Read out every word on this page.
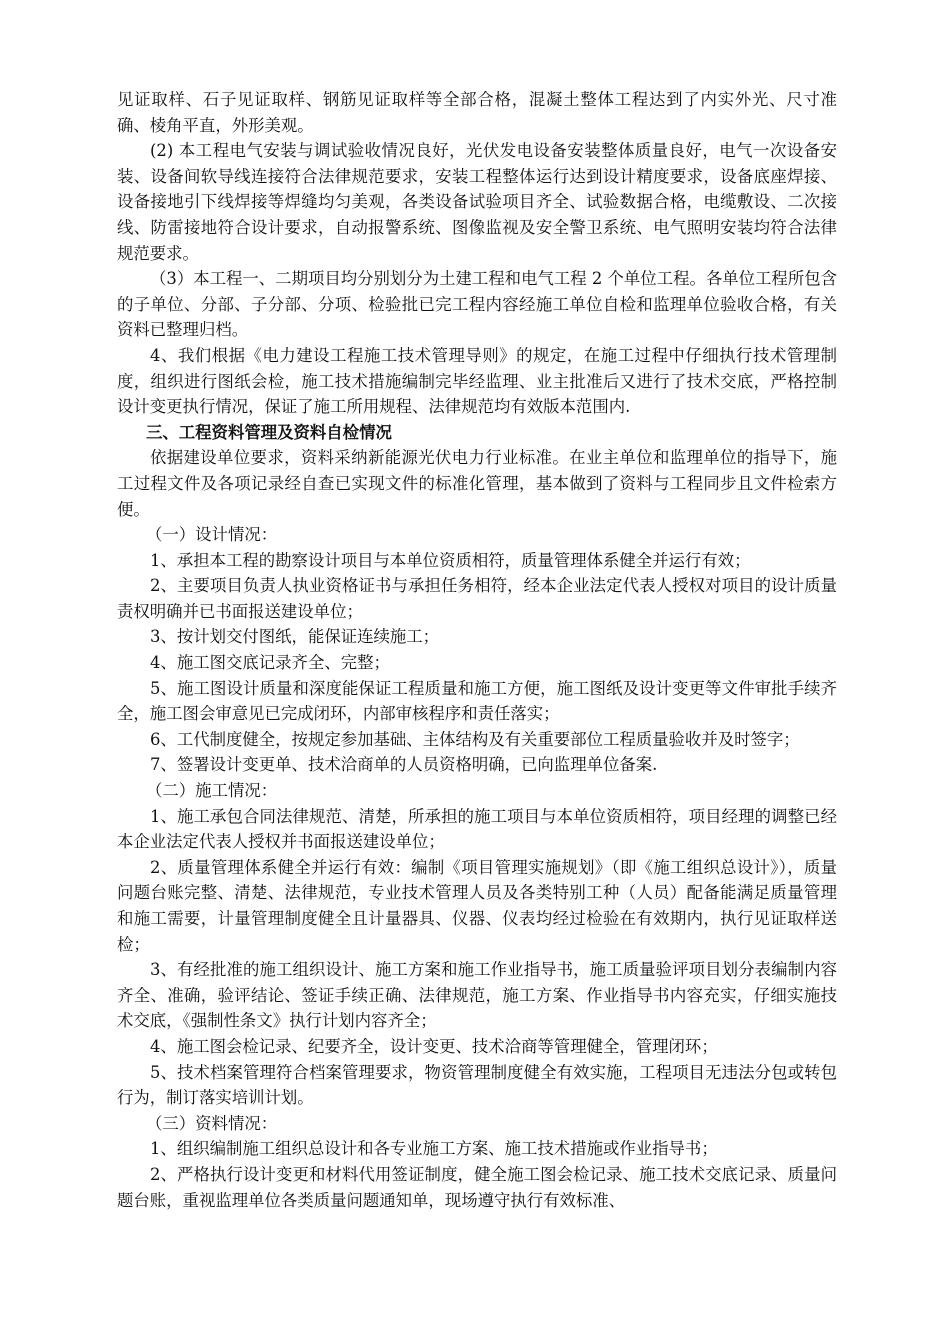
见证取样、石子见证取样、钢筋见证取样等全部合格，混凝土整体工程达到了内实外光、尺寸准确、棱角平直，外形美观。

(2) 本工程电气安装与调试验收情况良好，光伏发电设备安装整体质量良好，电气一次设备安装、设备间软导线连接符合法律规范要求，安装工程整体运行达到设计精度要求，设备底座焊接、设备接地引下线焊接等焊缝均匀美观，各类设备试验项目齐全、试验数据合格，电缆敷设、二次接线、防雷接地符合设计要求，自动报警系统、图像监视及安全警卫系统、电气照明安装均符合法律规范要求。

（3）本工程一、二期项目均分别划分为土建工程和电气工程 2 个单位工程。各单位工程所包含的子单位、分部、子分部、分项、检验批已完工程内容经施工单位自检和监理单位验收合格，有关资料已整理归档。

4、我们根据《电力建设工程施工技术管理导则》的规定，在施工过程中仔细执行技术管理制度，组织进行图纸会检，施工技术措施编制完毕经监理、业主批准后又进行了技术交底，严格控制设计变更执行情况，保证了施工所用规程、法律规范均有效版本范围内.

三、工程资料管理及资料自检情况

依据建设单位要求，资料采纳新能源光伏电力行业标准。在业主单位和监理单位的指导下，施工过程文件及各项记录经自查已实现文件的标准化管理，基本做到了资料与工程同步且文件检索方便。

（一）设计情况：

1、承担本工程的勘察设计项目与本单位资质相符，质量管理体系健全并运行有效；

2、主要项目负责人执业资格证书与承担任务相符，经本企业法定代表人授权对项目的设计质量责权明确并已书面报送建设单位；

3、按计划交付图纸，能保证连续施工；

4、施工图交底记录齐全、完整；

5、施工图设计质量和深度能保证工程质量和施工方便，施工图纸及设计变更等文件审批手续齐全，施工图会审意见已完成闭环，内部审核程序和责任落实；

6、工代制度健全，按规定参加基础、主体结构及有关重要部位工程质量验收并及时签字；

7、签署设计变更单、技术洽商单的人员资格明确，已向监理单位备案.

（二）施工情况：

1、施工承包合同法律规范、清楚，所承担的施工项目与本单位资质相符，项目经理的调整已经本企业法定代表人授权并书面报送建设单位；

2、质量管理体系健全并运行有效：编制《项目管理实施规划》（即《施工组织总设计》），质量问题台账完整、清楚、法律规范，专业技术管理人员及各类特别工种（人员）配备能满足质量管理和施工需要，计量管理制度健全且计量器具、仪器、仪表均经过检验在有效期内，执行见证取样送检；

3、有经批准的施工组织设计、施工方案和施工作业指导书，施工质量验评项目划分表编制内容齐全、准确，验评结论、签证手续正确、法律规范，施工方案、作业指导书内容充实，仔细实施技术交底，《强制性条文》执行计划内容齐全；

4、施工图会检记录、纪要齐全，设计变更、技术洽商等管理健全，管理闭环；

5、技术档案管理符合档案管理要求，物资管理制度健全有效实施，工程项目无违法分包或转包行为，制订落实培训计划。

（三）资料情况：

1、组织编制施工组织总设计和各专业施工方案、施工技术措施或作业指导书；

2、严格执行设计变更和材料代用签证制度，健全施工图会检记录、施工技术交底记录、质量问题台账，重视监理单位各类质量问题通知单，现场遵守执行有效标准、
